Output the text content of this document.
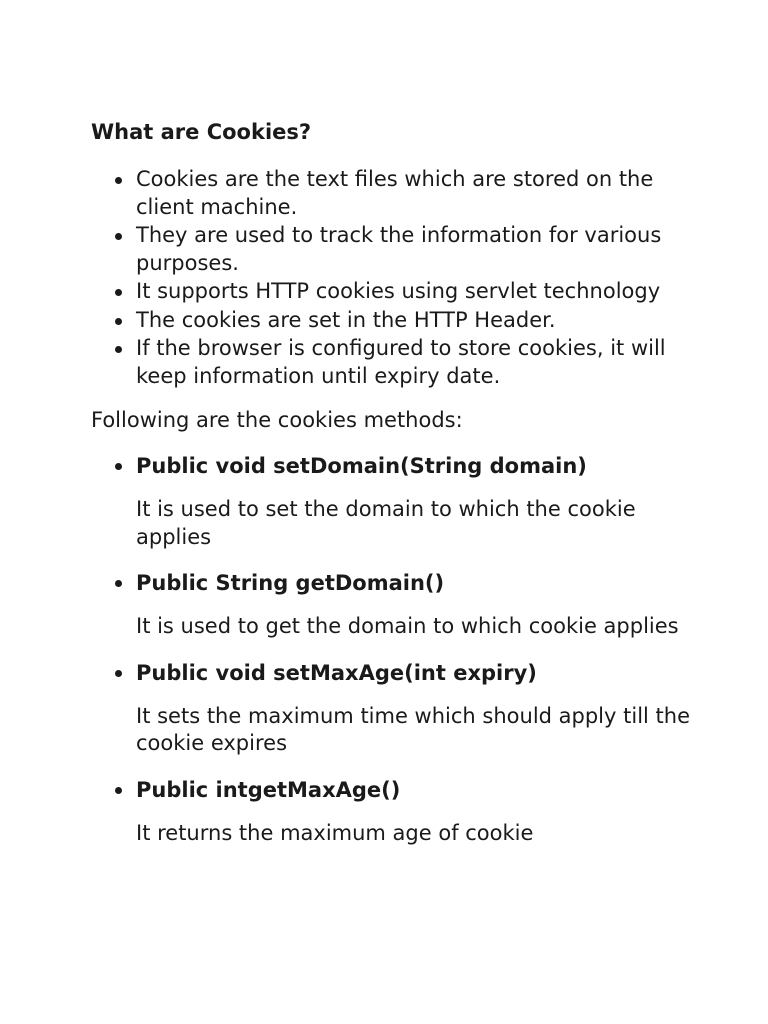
What are Cookies?
Cookies are the text files which are stored on the client machine.
They are used to track the information for various purposes.
It supports HTTP cookies using servlet technology
The cookies are set in the HTTP Header.
If the browser is configured to store cookies, it will keep information until expiry date.

Following are the cookies methods:

Public void setDomain(String domain)

It is used to set the domain to which the cookie applies

Public String getDomain()

It is used to get the domain to which cookie applies

Public void setMaxAge(int expiry)

It sets the maximum time which should apply till the cookie expires

Public intgetMaxAge()

It returns the maximum age of cookie
